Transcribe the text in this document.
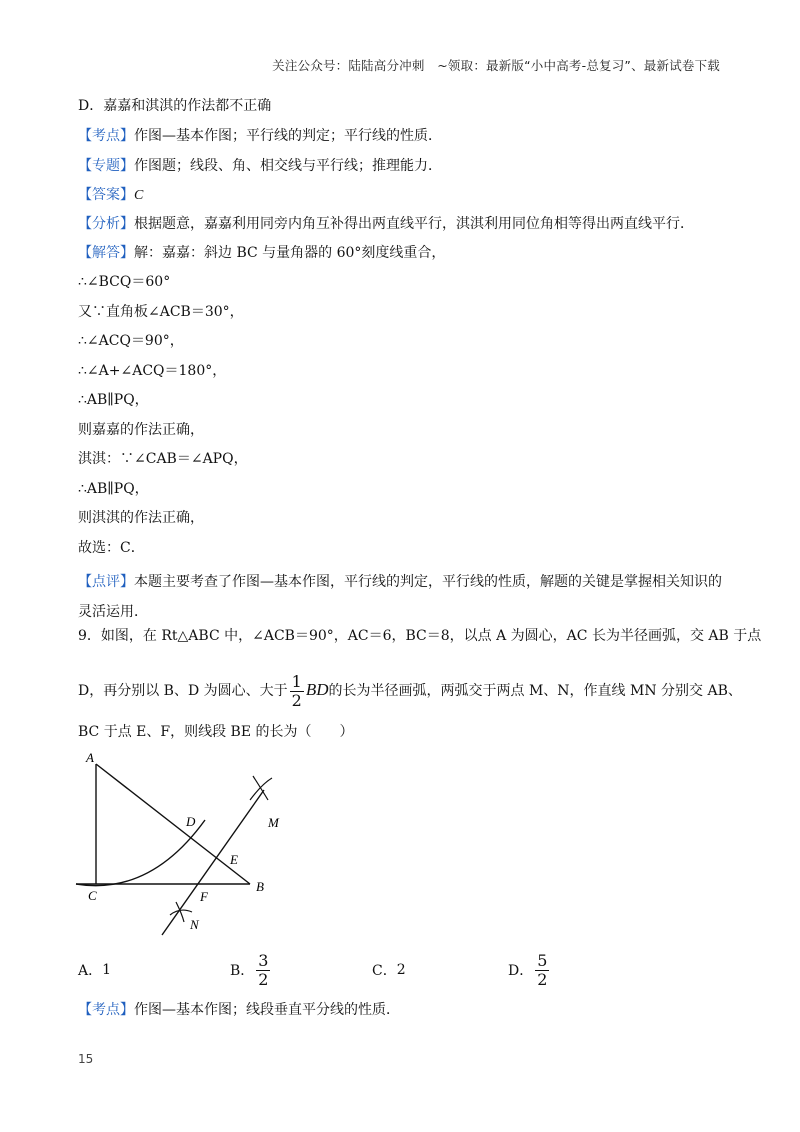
关注公众号：陆陆高分冲刺　~领取：最新版“小中高考-总复习”、最新试卷下载
D．嘉嘉和淇淇的作法都不正确
【考点】作图—基本作图；平行线的判定；平行线的性质．
【专题】作图题；线段、角、相交线与平行线；推理能力．
【答案】C
【分析】根据题意，嘉嘉利用同旁内角互补得出两直线平行，淇淇利用同位角相等得出两直线平行．
【解答】解：嘉嘉：斜边 BC 与量角器的 60°刻度线重合，
∴∠BCQ＝60°
又∵直角板∠ACB＝30°，
∴∠ACQ＝90°，
∴∠A+∠ACQ＝180°，
∴AB∥PQ，
则嘉嘉的作法正确，
淇淇：∵∠CAB＝∠APQ，
∴AB∥PQ，
则淇淇的作法正确，
故选：C．
【点评】本题主要考查了作图—基本作图，平行线的判定，平行线的性质，解题的关键是掌握相关知识的灵活运用．
9．如图，在 Rt△ABC 中，∠ACB＝90°，AC＝6，BC＝8，以点 A 为圆心，AC 长为半径画弧，交 AB 于点
D，再分别以 B、D 为圆心、大于 $\frac{1}{2}$ BD的长为半径画弧，两弧交于两点 M、N，作直线 MN 分别交 AB、
BC 于点 E、F，则线段 BE 的长为（　　）
A
B
C
D
E
F
M
N
A． 1	B． $\frac{3}{2}$	C． 2	D． $\frac{5}{2}$
【考点】作图—基本作图；线段垂直平分线的性质．
15
